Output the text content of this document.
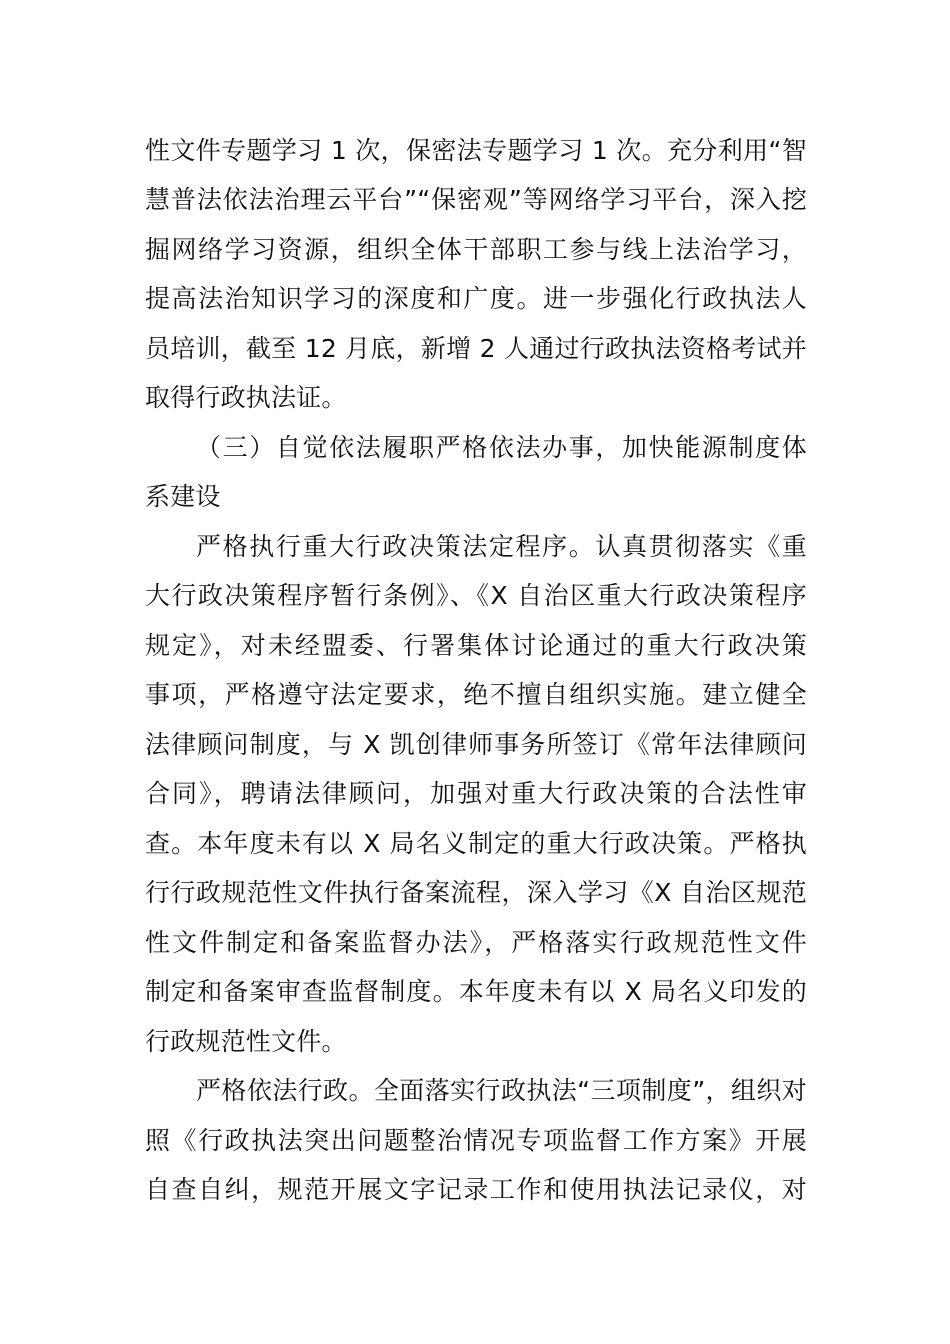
性文件专题学习 1 次，保密法专题学习 1 次。充分利用“智
慧普法依法治理云平台”“保密观”等网络学习平台，深入挖
掘网络学习资源，组织全体干部职工参与线上法治学习，
提高法治知识学习的深度和广度。进一步强化行政执法人
员培训，截至 12 月底，新增 2 人通过行政执法资格考试并
取得行政执法证。
（三）自觉依法履职严格依法办事，加快能源制度体
系建设
严格执行重大行政决策法定程序。认真贯彻落实《重
大行政决策程序暂行条例》、《X 自治区重大行政决策程序
规定》，对未经盟委、行署集体讨论通过的重大行政决策
事项，严格遵守法定要求，绝不擅自组织实施。建立健全
法律顾问制度，与 X 凯创律师事务所签订《常年法律顾问
合同》，聘请法律顾问，加强对重大行政决策的合法性审
查。本年度未有以 X 局名义制定的重大行政决策。严格执
行行政规范性文件执行备案流程，深入学习《X 自治区规范
性文件制定和备案监督办法》，严格落实行政规范性文件
制定和备案审查监督制度。本年度未有以 X 局名义印发的
行政规范性文件。
严格依法行政。全面落实行政执法“三项制度”，组织对
照《行政执法突出问题整治情况专项监督工作方案》开展
自查自纠，规范开展文字记录工作和使用执法记录仪，对
